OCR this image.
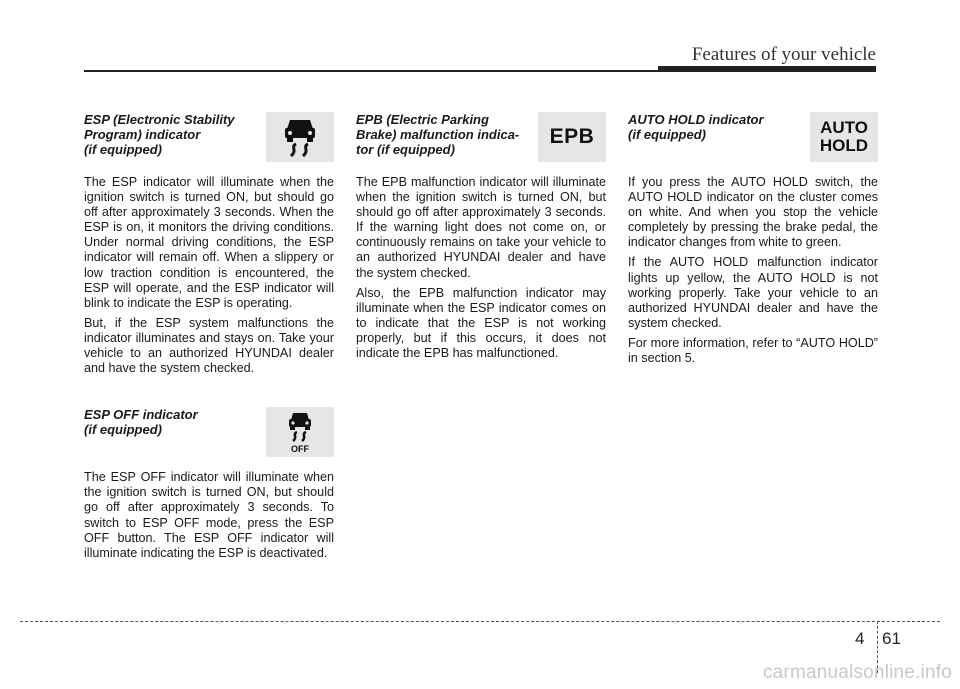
Features of your vehicle
ESP (Electronic Stability
Program) indicator
(if equipped)

The ESP indicator will illuminate when the ignition switch is turned ON, but should go off after approximately 3 seconds. When the ESP is on, it monitors the driving conditions. Under normal driving conditions, the ESP indicator will remain off. When a slippery or low traction condition is encountered, the ESP will operate, and the ESP indicator will blink to indicate the ESP is operating.

But, if the ESP system malfunctions the indicator illuminates and stays on. Take your vehicle to an authorized HYUNDAI dealer and have the system checked.

ESP OFF indicator
(if equipped)
OFF

The ESP OFF indicator will illuminate when the ignition switch is turned ON, but should go off after approximately 3 seconds. To switch to ESP OFF mode, press the ESP OFF button. The ESP OFF indicator will illuminate indicating the ESP is deactivated.

EPB (Electric Parking
Brake) malfunction indica-
tor (if equipped)
EPB

The EPB malfunction indicator will illuminate when the ignition switch is turned ON, but should go off after approximately 3 seconds. If the warning light does not come on, or continuously remains on take your vehicle to an authorized HYUNDAI dealer and have the system checked.

Also, the EPB malfunction indicator may illuminate when the ESP indicator comes on to indicate that the ESP is not working properly, but if this occurs, it does not indicate the EPB has malfunctioned.

AUTO HOLD indicator
(if equipped)	AUTO
HOLD

If you press the AUTO HOLD switch, the AUTO HOLD indicator on the cluster comes on white. And when you stop the vehicle completely by pressing the brake pedal, the indicator changes from white to green.

If the AUTO HOLD malfunction indicator lights up yellow, the AUTO HOLD is not working properly. Take your vehicle to an authorized HYUNDAI dealer and have the system checked.

For more information, refer to “AUTO HOLD” in section 5.

4 61
carmanualsonline.info
